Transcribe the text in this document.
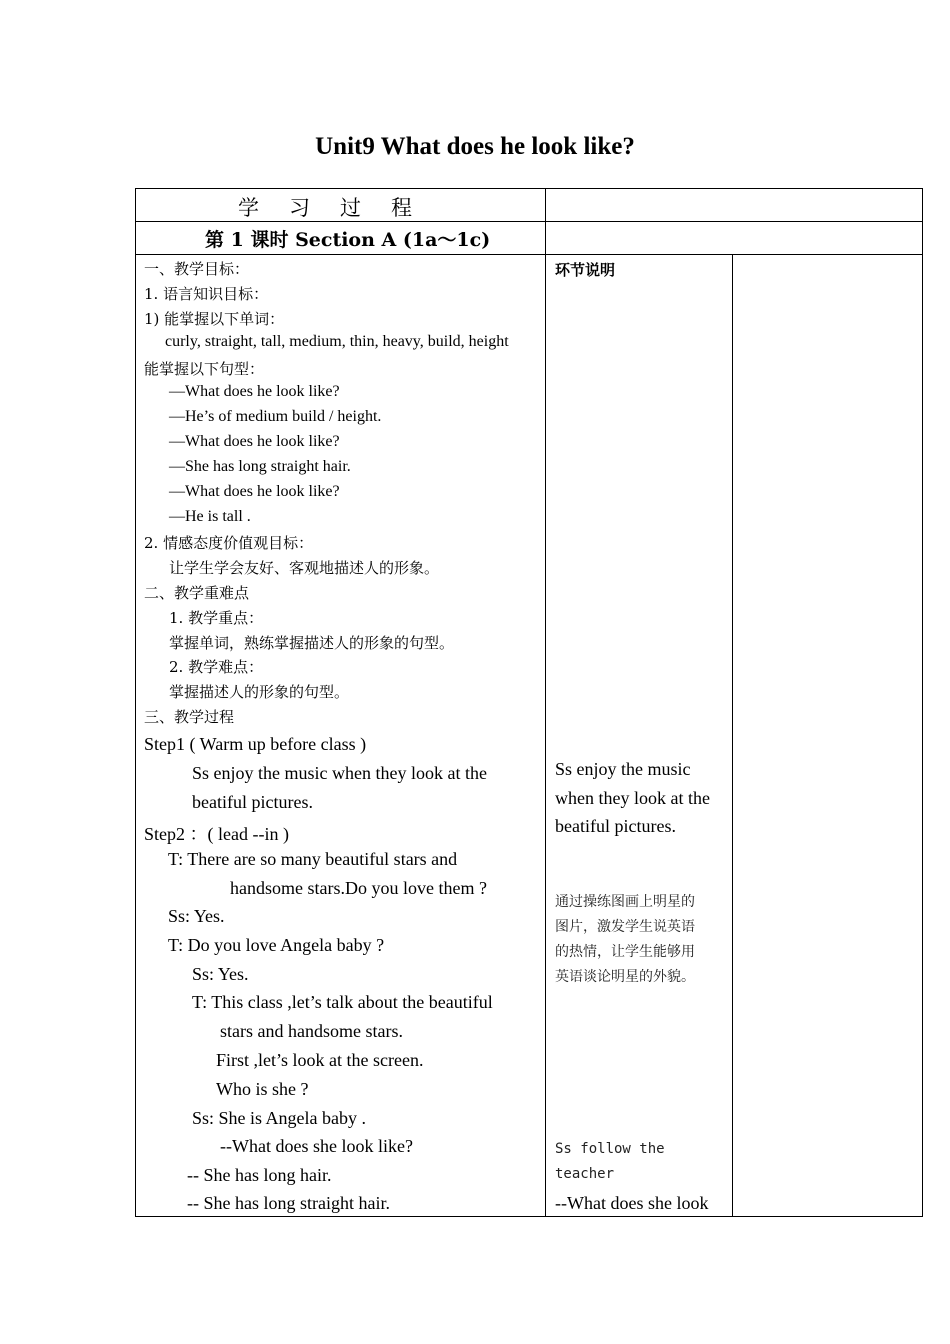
Unit9 What does he look like?
学习过程
第 1 课时 Section A (1a～1c)
环节说明
一、教学目标：
1. 语言知识目标：
1) 能掌握以下单词：
curly, straight, tall, medium, thin, heavy, build, height
能掌握以下句型：
—What does he look like?
—He’s of medium build / height.
—What does he look like?
—She has long straight hair.
—What does he look like?
—He is tall .
2. 情感态度价值观目标：
让学生学会友好、客观地描述人的形象。
二、教学重难点
1. 教学重点：
掌握单词，熟练掌握描述人的形象的句型。
2. 教学难点：
掌握描述人的形象的句型。
三、教学过程
Step1 ( Warm up before class )
Ss enjoy the music when they look at the
beatiful pictures.
Step2 ：( lead --in )
T: There are so many beautiful stars and
handsome stars.Do you love them ?
Ss: Yes.
T: Do you love Angela baby ?
Ss: Yes.
T: This class ,let’s talk about the beautiful
stars and handsome stars.
First ,let’s look at the screen.
Who is she ?
Ss: She is Angela baby .
--What does she look like?
-- She has long hair.
-- She has long straight hair.
Ss enjoy the music
when they look at the
beatiful pictures.
通过操练图画上明星的
图片，激发学生说英语
的热情，让学生能够用
英语谈论明星的外貌。
Ss follow the
teacher
--What does she look
